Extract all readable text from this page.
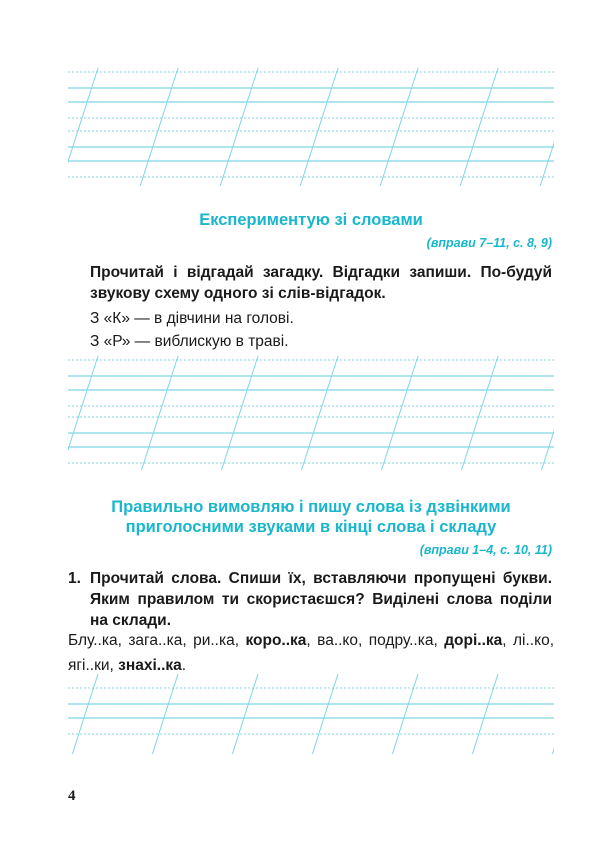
Експериментую зі словами
(вправи 7–11, с. 8, 9)
Прочитай і відгадай загадку. Відгадки запиши. По-будуй звукову схему одного зі слів-відгадок.
З «К» — в дівчини на голові.
З «Р» — виблискую в траві.
Правильно вимовляю і пишу слова із дзвінкими
приголосними звуками в кінці слова і складу
(вправи 1–4, с. 10, 11)
1. Прочитай слова. Спиши їх, вставляючи пропущені букви. Яким правилом ти скористаєшся? Виділені слова поділи на склади.
Блу..ка, зага..ка, ри..ка, коро..ка, ва..ко, подру..ка, дорі..ка, лі..ко, ягі..ки, знахі..ка.
4
